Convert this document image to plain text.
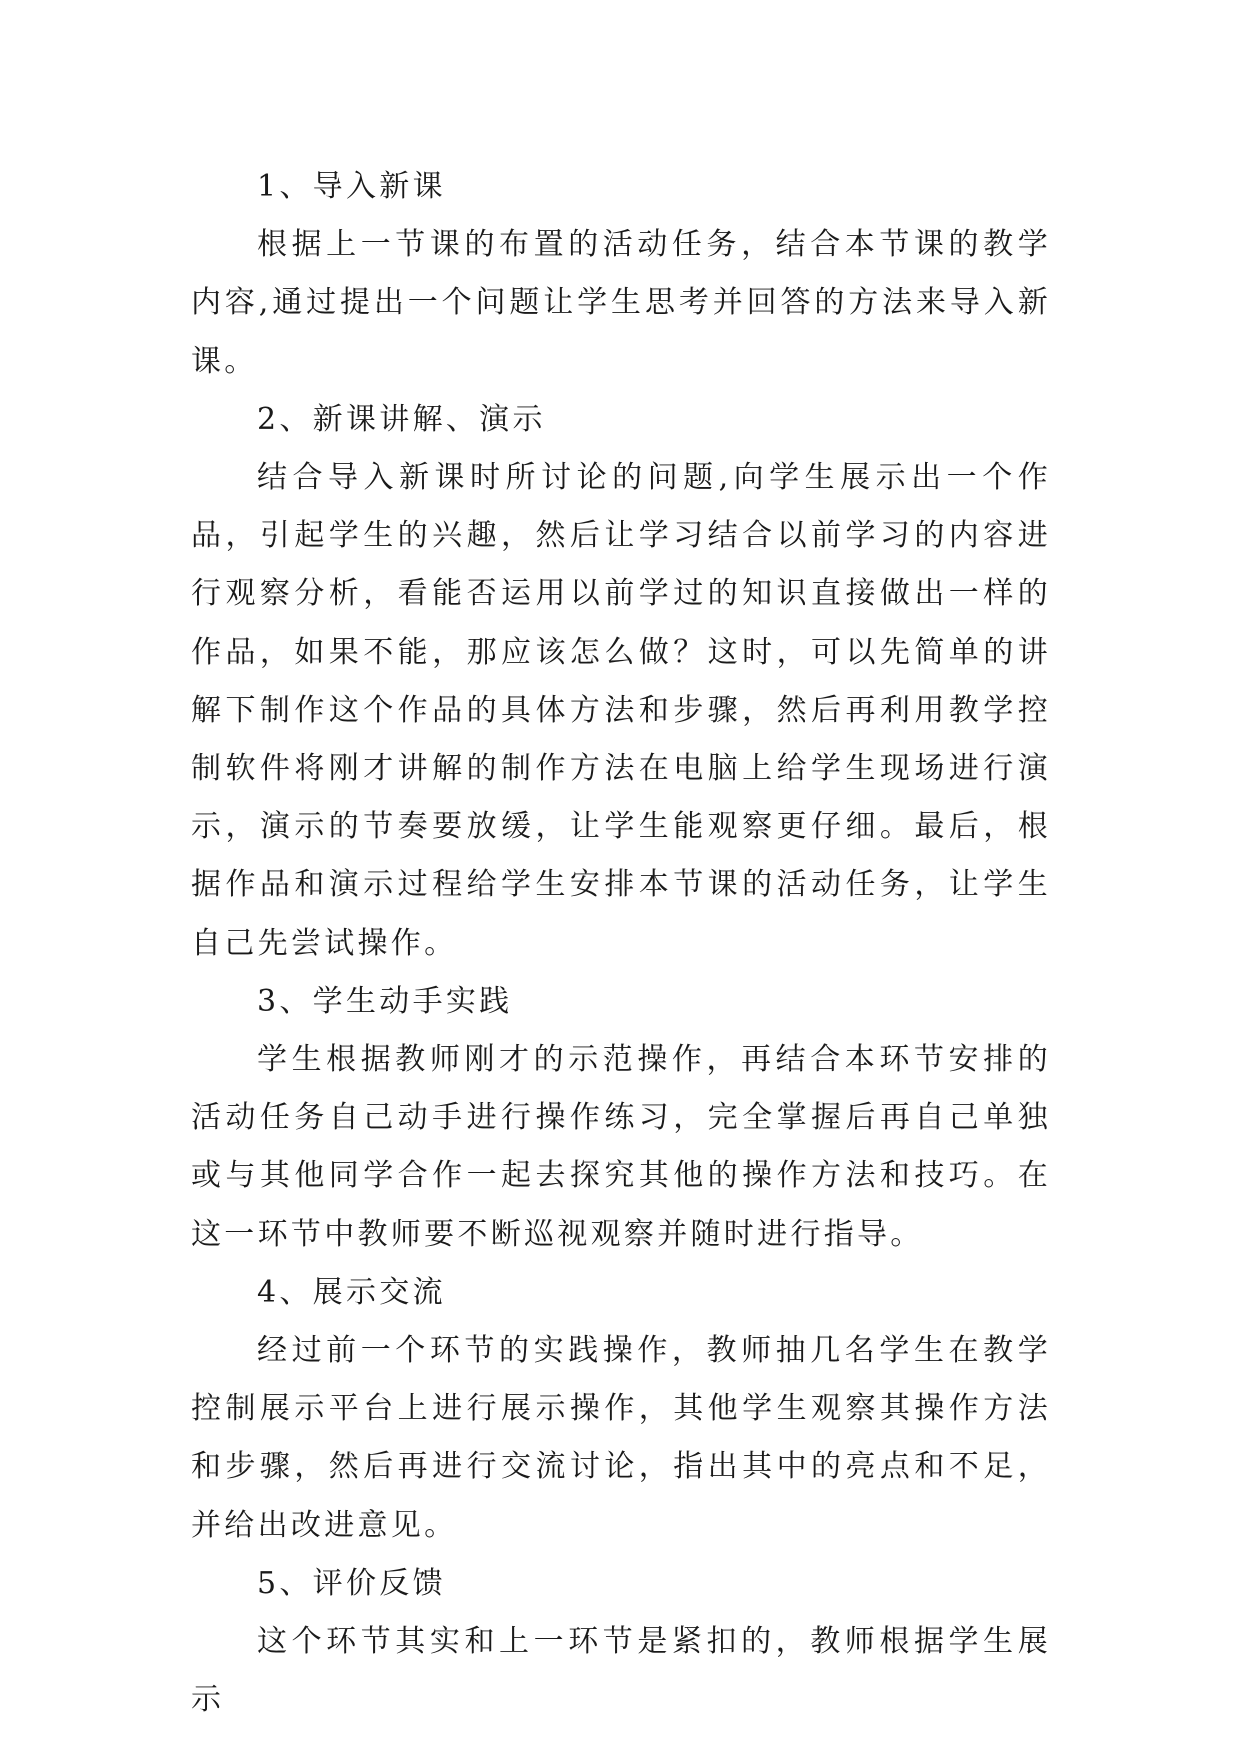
1、导入新课

根据上一节课的布置的活动任务，结合本节课的教学内容,通过提出一个问题让学生思考并回答的方法来导入新课。

2、新课讲解、演示

结合导入新课时所讨论的问题,向学生展示出一个作品，引起学生的兴趣，然后让学习结合以前学习的内容进行观察分析，看能否运用以前学过的知识直接做出一样的作品，如果不能，那应该怎么做？这时，可以先简单的讲解下制作这个作品的具体方法和步骤，然后再利用教学控制软件将刚才讲解的制作方法在电脑上给学生现场进行演示，演示的节奏要放缓，让学生能观察更仔细。最后，根据作品和演示过程给学生安排本节课的活动任务，让学生自己先尝试操作。

3、学生动手实践

学生根据教师刚才的示范操作，再结合本环节安排的活动任务自己动手进行操作练习，完全掌握后再自己单独或与其他同学合作一起去探究其他的操作方法和技巧。在这一环节中教师要不断巡视观察并随时进行指导。

4、展示交流

经过前一个环节的实践操作，教师抽几名学生在教学控制展示平台上进行展示操作，其他学生观察其操作方法和步骤，然后再进行交流讨论，指出其中的亮点和不足，并给出改进意见。

5、评价反馈

这个环节其实和上一环节是紧扣的，教师根据学生展示
